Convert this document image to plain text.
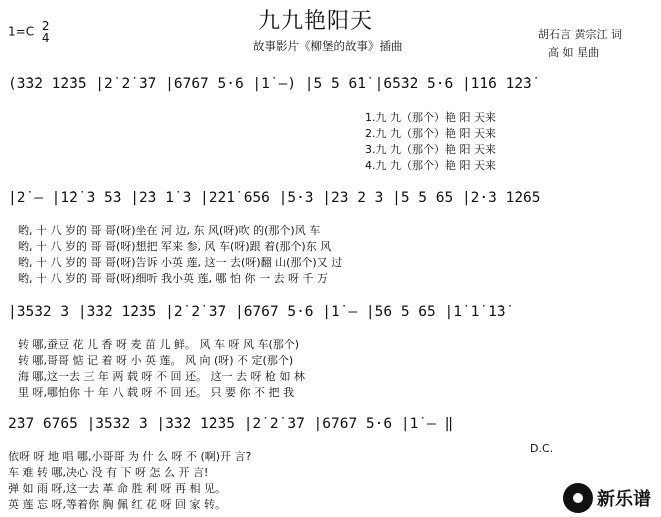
1=C 2
4
九九艳阳天
故事影片《柳堡的故事》插曲
胡石言 黄宗江 词
高 如 星曲
(3̇3̇2 1̇2̇3̇5 |2̇ 2̇ 3̇7 |6767 5·6 |1̇ –) |5 5 6̇1̇ |6̇5̇3̇2 5·6 |1̇1̇6 1̇2̇3̇
1.九 九（那个）艳 阳 天来
2.九 九（那个）艳 阳 天来
3.九 九（那个）艳 阳 天来
4.九 九（那个）艳 阳 天来
|2̇ – |1̇2̇ 3 5̇3 |2̇3 1̇ 3 |2̇2̇1̇ 656 |5·3 |23 2 3 |5 5 65 |2·3 1̇265
哟, 十 八 岁的 哥 哥(呀)坐在 河 边, 东 风(呀)吹 的(那个)风 车
哟, 十 八 岁的 哥 哥(呀)想把 军来 参, 风 车(呀)跟 着(那个)东 风
哟, 十 八 岁的 哥 哥(呀)告诉 小英 莲, 这一 去(呀)翻 山(那个)又 过
哟, 十 八 岁的 哥 哥(呀)细听 我小英 莲, 哪 怕 你 一 去 呀 千 万
|3532 3 |3̇3̇2 1̇2̇3̇5 |2̇ 2̇ 3̇7 |6767 5·6 |1̇ – |56 5 65 |1̇ 1̇ 1̇3̇
转 哪,蚕豆 花 儿 香 呀 麦 苗 儿 鲜。 风 车 呀 风 车(那个)
转 哪,哥哥 惦 记 着 呀 小 英 莲。 风 向 (呀) 不 定(那个)
海 哪,这一去 三 年 两 载 呀 不 回 还。 这一 去 呀 枪 如 林
里 呀,哪怕你 十 年 八 载 呀 不 回 还。 只 要 你 不 把 我
2̇37 6765 |3532 3 |3̇3̇2 1̇2̇3̇5 |2̇ 2̇ 3̇7 |6767 5·6 |1̇ – ‖
D.C.
依呀 呀 地 唱 哪,小哥哥 为 什 么 呀 不 (啊)开 言?
车 难 转 哪,决心 没 有 下 呀 怎 么 开 言!
弹 如 雨 呀,这一去 革 命 胜 利 呀 再 相 见。
英 莲 忘 呀,等着你 胸 佩 红 花 呀 回 家 转。	新乐谱
